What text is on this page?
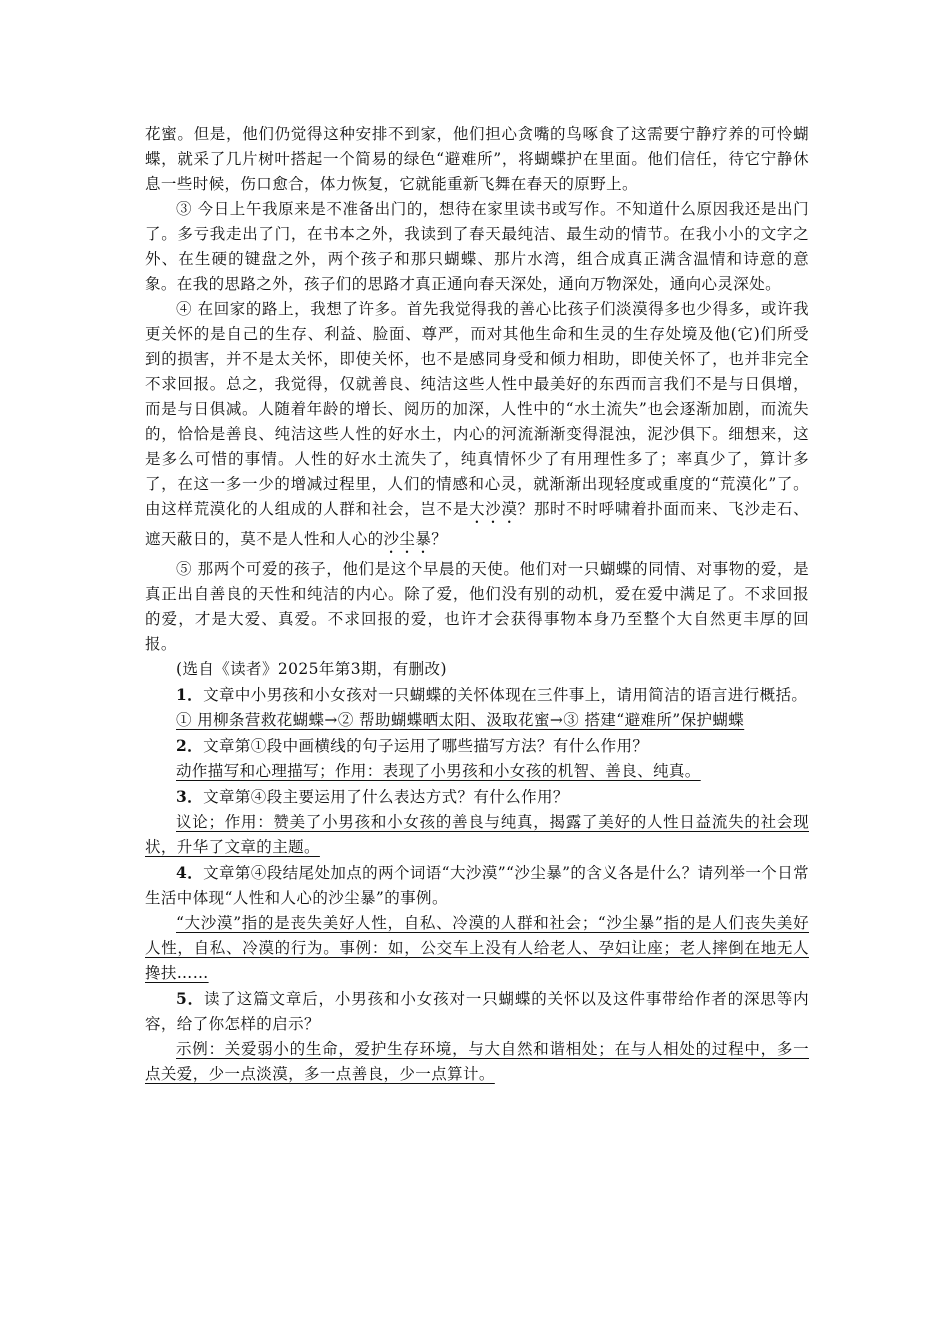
花蜜。但是，他们仍觉得这种安排不到家，他们担心贪嘴的鸟啄食了这需要宁静疗养的可怜蝴蝶，就采了几片树叶搭起一个简易的绿色“避难所”，将蝴蝶护在里面。他们信任，待它宁静休息一些时候，伤口愈合，体力恢复，它就能重新飞舞在春天的原野上。

③ 今日上午我原来是不准备出门的，想待在家里读书或写作。不知道什么原因我还是出门了。多亏我走出了门，在书本之外，我读到了春天最纯洁、最生动的情节。在我小小的文字之外、在生硬的键盘之外，两个孩子和那只蝴蝶、那片水湾，组合成真正满含温情和诗意的意象。在我的思路之外，孩子们的思路才真正通向春天深处，通向万物深处，通向心灵深处。

④ 在回家的路上，我想了许多。首先我觉得我的善心比孩子们淡漠得多也少得多，或许我更关怀的是自己的生存、利益、脸面、尊严，而对其他生命和生灵的生存处境及他(它)们所受到的损害，并不是太关怀，即使关怀，也不是感同身受和倾力相助，即使关怀了，也并非完全不求回报。总之，我觉得，仅就善良、纯洁这些人性中最美好的东西而言我们不是与日俱增，而是与日俱减。人随着年龄的增长、阅历的加深，人性中的“水土流失”也会逐渐加剧，而流失的，恰恰是善良、纯洁这些人性的好水土，内心的河流渐渐变得混浊，泥沙俱下。细想来，这是多么可惜的事情。人性的好水土流失了，纯真情怀少了有用理性多了；率真少了，算计多了，在这一多一少的增减过程里，人们的情感和心灵，就渐渐出现轻度或重度的“荒漠化”了。由这样荒漠化的人组成的人群和社会，岂不是大沙漠？那时不时呼啸着扑面而来、飞沙走石、遮天蔽日的，莫不是人性和人心的沙尘暴？

⑤ 那两个可爱的孩子，他们是这个早晨的天使。他们对一只蝴蝶的同情、对事物的爱，是真正出自善良的天性和纯洁的内心。除了爱，他们没有别的动机，爱在爱中满足了。不求回报的爱，才是大爱、真爱。不求回报的爱，也许才会获得事物本身乃至整个大自然更丰厚的回报。

(选自《读者》2025年第3期，有删改)

1．文章中小男孩和小女孩对一只蝴蝶的关怀体现在三件事上，请用简洁的语言进行概括。

① 用柳条营救花蝴蝶→② 帮助蝴蝶晒太阳、汲取花蜜→③ 搭建“避难所”保护蝴蝶

2．文章第①段中画横线的句子运用了哪些描写方法？有什么作用？

动作描写和心理描写；作用：表现了小男孩和小女孩的机智、善良、纯真。

3．文章第④段主要运用了什么表达方式？有什么作用？

议论；作用：赞美了小男孩和小女孩的善良与纯真，揭露了美好的人性日益流失的社会现状，升华了文章的主题。

4．文章第④段结尾处加点的两个词语“大沙漠”“沙尘暴”的含义各是什么？请列举一个日常生活中体现“人性和人心的沙尘暴”的事例。

“大沙漠”指的是丧失美好人性，自私、冷漠的人群和社会；“沙尘暴”指的是人们丧失美好人性，自私、冷漠的行为。事例：如，公交车上没有人给老人、孕妇让座；老人摔倒在地无人搀扶……

5．读了这篇文章后，小男孩和小女孩对一只蝴蝶的关怀以及这件事带给作者的深思等内容，给了你怎样的启示？

示例：关爱弱小的生命，爱护生存环境，与大自然和谐相处；在与人相处的过程中，多一点关爱，少一点淡漠，多一点善良，少一点算计。
